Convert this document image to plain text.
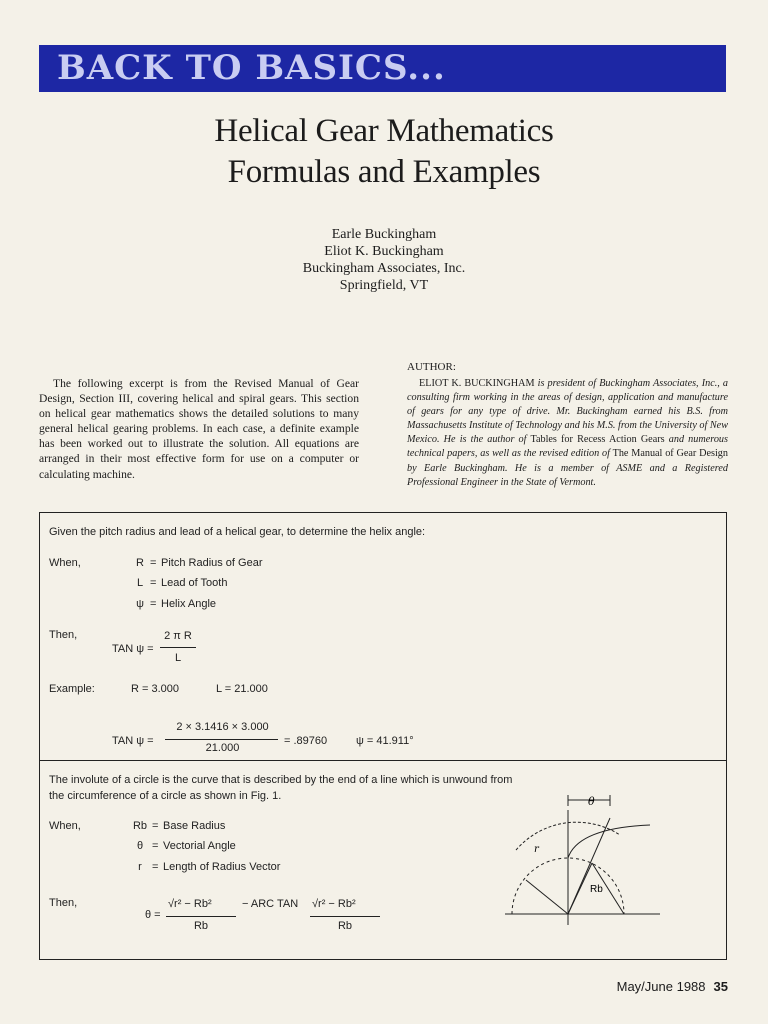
BACK TO BASICS...
Helical Gear Mathematics
Formulas and Examples
Earle Buckingham
Eliot K. Buckingham
Buckingham Associates, Inc.
Springfield, VT
The following excerpt is from the Revised Manual of Gear Design, Section III, covering helical and spiral gears. This section on helical gear mathematics shows the detailed solutions to many general helical gearing problems. In each case, a definite example has been worked out to illustrate the solution. All equations are arranged in their most effective form for use on a computer or calculating machine.
AUTHOR:
ELIOT K. BUCKINGHAM is president of Buckingham Associates, Inc., a consulting firm working in the areas of design, application and manufacture of gears for any type of drive. Mr. Buckingham earned his B.S. from Massachusetts Institute of Technology and his M.S. from the University of New Mexico. He is the author of Tables for Recess Action Gears and numerous technical papers, as well as the revised edition of The Manual of Gear Design by Earle Buckingham. He is a member of ASME and a Registered Professional Engineer in the State of Vermont.
Given the pitch radius and lead of a helical gear, to determine the helix angle:
When,	R = Pitch Radius of Gear
L = Lead of Tooth
ψ = Helix Angle
Then,
TAN ψ =
2 π R
L
Example:	R = 3.000	L = 21.000
TAN ψ =
2 × 3.1416 × 3.000
21.000
= .89760	ψ = 41.911°
The involute of a circle is the curve that is described by the end of a line which is unwound from
the circumference of a circle as shown in Fig. 1.
When,	Rb = Base Radius
θ = Vectorial Angle
r = Length of Radius Vector
Then,
θ =
√r² − Rb²	− ARC TAN √r² − Rb²
Rb	Rb
θ
r
Rb
May/June 1988 35
